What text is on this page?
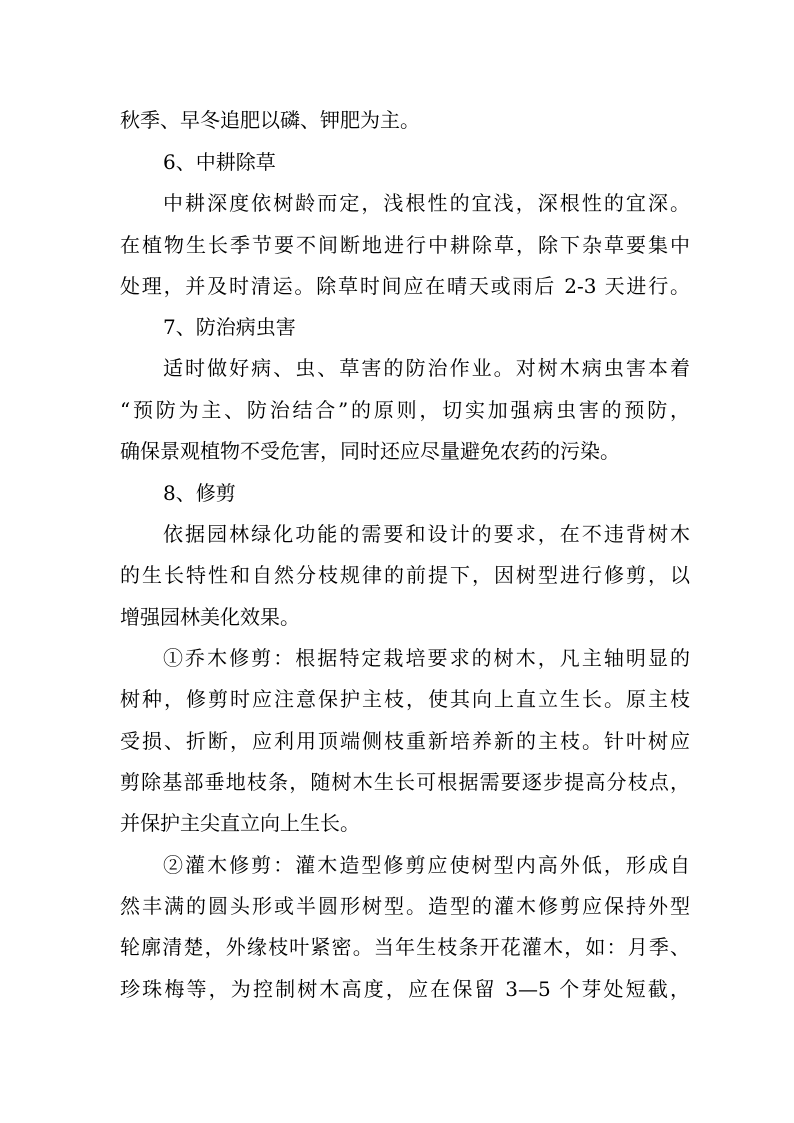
秋季、早冬追肥以磷、钾肥为主。
6、中耕除草
中耕深度依树龄而定，浅根性的宜浅，深根性的宜深。
在植物生长季节要不间断地进行中耕除草，除下杂草要集中
处理，并及时清运。除草时间应在晴天或雨后 2-3 天进行。
7、防治病虫害
适时做好病、虫、草害的防治作业。对树木病虫害本着
“预防为主、防治结合”的原则，切实加强病虫害的预防，
确保景观植物不受危害，同时还应尽量避免农药的污染。
8、修剪
依据园林绿化功能的需要和设计的要求，在不违背树木
的生长特性和自然分枝规律的前提下，因树型进行修剪，以
增强园林美化效果。
①乔木修剪：根据特定栽培要求的树木，凡主轴明显的
树种，修剪时应注意保护主枝，使其向上直立生长。原主枝
受损、折断，应利用顶端侧枝重新培养新的主枝。针叶树应
剪除基部垂地枝条，随树木生长可根据需要逐步提高分枝点，
并保护主尖直立向上生长。
②灌木修剪：灌木造型修剪应使树型内高外低，形成自
然丰满的圆头形或半圆形树型。造型的灌木修剪应保持外型
轮廓清楚，外缘枝叶紧密。当年生枝条开花灌木，如：月季、
珍珠梅等，为控制树木高度，应在保留 3—5 个芽处短截，
